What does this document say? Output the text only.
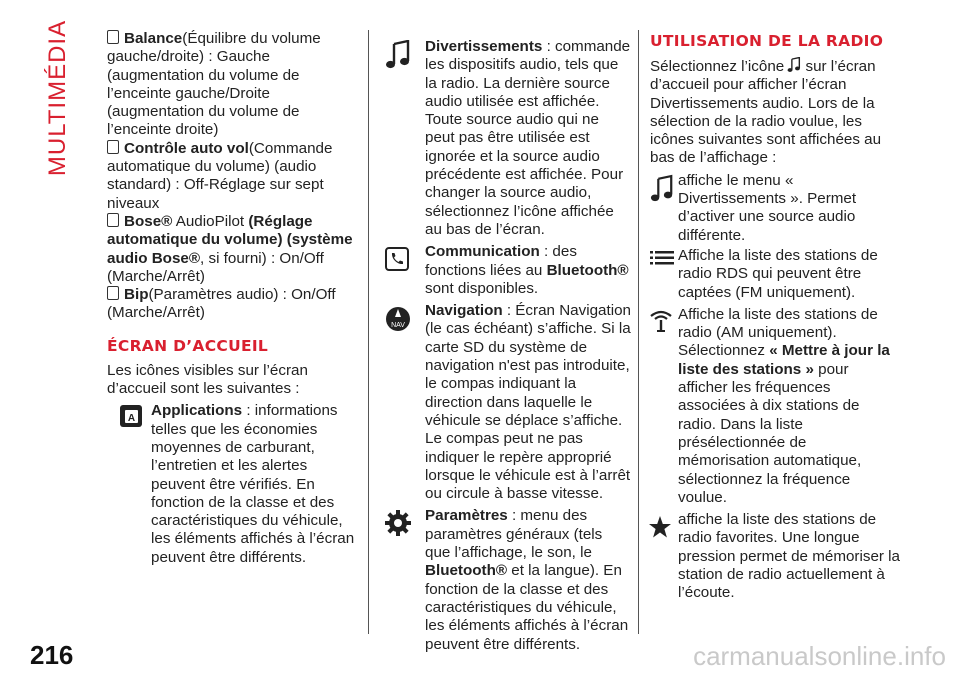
MULTIMÉDIA	Balance(Équilibre du volume gauche/droite) : Gauche (augmentation du volume de l’enceinte gauche/Droite (augmentation du volume de l’enceinte droite)

Contrôle auto vol(Commande automatique du volume) (audio standard) : Off-Réglage sur sept niveaux

Bose® AudioPilot (Réglage automatique du volume) (système audio Bose®, si fourni) : On/Off (Marche/Arrêt)

Bip(Paramètres audio) : On/Off (Marche/Arrêt)

ÉCRAN D’ACCUEIL

Les icônes visibles sur l’écran d’accueil sont les suivantes :

A Applications : informations telles que les économies moyennes de carburant, l’entretien et les alertes peuvent être vérifiés. En fonction de la classe et des caractéristiques du véhicule, les éléments affichés à l’écran peuvent être différents.
Divertissements : commande les dispositifs audio, tels que la radio. La dernière source audio utilisée est affichée. Toute source audio qui ne peut pas être utilisée est ignorée et la source audio précédente est affichée. Pour changer la source audio, sélectionnez l’icône affichée au bas de l’écran.
Communication : des fonctions liées au Bluetooth® sont disponibles.
NAV
Navigation : Écran Navigation (le cas échéant) s’affiche. Si la carte SD du système de navigation n'est pas introduite, le compas indiquant la direction dans laquelle le véhicule se déplace s’affiche. Le compas peut ne pas indiquer le repère approprié lorsque le véhicule est à l’arrêt ou circule à basse vitesse.
Paramètres : menu des paramètres généraux (tels que l’affichage, le son, le Bluetooth® et la langue). En fonction de la classe et des caractéristiques du véhicule, les éléments affichés à l’écran peuvent être différents.

UTILISATION DE LA RADIO

Sélectionnez l’icône sur l’écran d’accueil pour afficher l’écran Divertissements audio. Lors de la sélection de la radio voulue, les icônes suivantes sont affichées au bas de l’affichage :

affiche le menu « Divertissements ». Permet d’activer une source audio différente.
Affiche la liste des stations de radio RDS qui peuvent être captées (FM uniquement).
Affiche la liste des stations de radio (AM uniquement). Sélectionnez « Mettre à jour la liste des stations » pour afficher les fréquences associées à dix stations de radio. Dans la liste présélectionnée de mémorisation automatique, sélectionnez la fréquence voulue.
affiche la liste des stations de radio favorites. Une longue pression permet de mémoriser la station de radio actuellement à l’écoute.
216	carmanualsonline.info
